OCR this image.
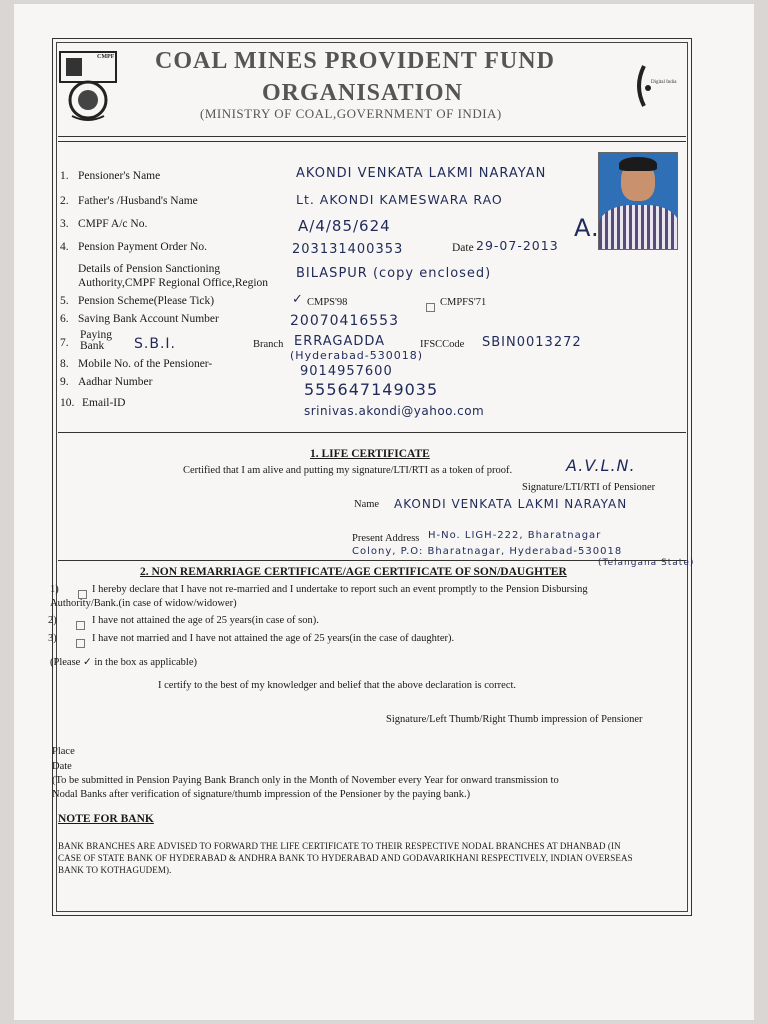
CMPF
Digital India
COAL MINES PROVIDENT FUND
ORGANISATION
(MINISTRY OF COAL,GOVERNMENT OF INDIA)
A.
1. Pensioner's Name	AKONDI VENKATA LAKMI NARAYAN
2. Father's /Husband's Name	Lt. AKONDI KAMESWARA RAO
3. CMPF A/c No.	A/4/85/624
4. Pension Payment Order No.	203131400353	Date 29-07-2013
Details of Pension Sanctioning
Authority,CMPF Regional Office,Region
BILASPUR (copy enclosed)
5. Pension Scheme(Please Tick)	✓ CMPS'98	CMPFS'71
6. Saving Bank Account Number	20070416553
7.
Paying
Bank S.B.I.	Branch ERRAGADDA	IFSCCode SBIN0013272
(Hyderabad-530018)
8. Mobile No. of the Pensioner-	9014957600
9. Aadhar Number	555647149035
10. Email-ID
srinivas.akondi@yahoo.com
1. LIFE CERTIFICATE
Certified that I am alive and putting my signature/LTI/RTI as a token of proof.	A.V.L.N.
Signature/LTI/RTI of Pensioner
Name AKONDI VENKATA LAKMI NARAYAN
Present Address H-No. LIGH-222, Bharatnagar
Colony, P.O: Bharatnagar, Hyderabad-530018
(Telangana State)
2. NON REMARRIAGE CERTIFICATE/AGE CERTIFICATE OF SON/DAUGHTER
1)	I hereby declare that I have not re-married and I undertake to report such an event promptly to the Pension Disbursing
Authority/Bank.(in case of widow/widower)
2)	I have not attained the age of 25 years(in case of son).
3)	I have not married and I have not attained the age of 25 years(in the case of daughter).
(Please ✓ in the box as applicable)
I certify to the best of my knowledger and belief that the above declaration is correct.
Signature/Left Thumb/Right Thumb impression of Pensioner
Place
Date
(To be submitted in Pension Paying Bank Branch only in the Month of November every Year for onward transmission to
Nodal Banks after verification of signature/thumb impression of the Pensioner by the paying bank.)
NOTE FOR BANK
BANK BRANCHES ARE ADVISED TO FORWARD THE LIFE CERTIFICATE TO THEIR RESPECTIVE NODAL BRANCHES AT DHANBAD (IN
CASE OF STATE BANK OF HYDERABAD & ANDHRA BANK TO HYDERABAD AND GODAVARIKHANI RESPECTIVELY, INDIAN OVERSEAS
BANK TO KOTHAGUDEM).
